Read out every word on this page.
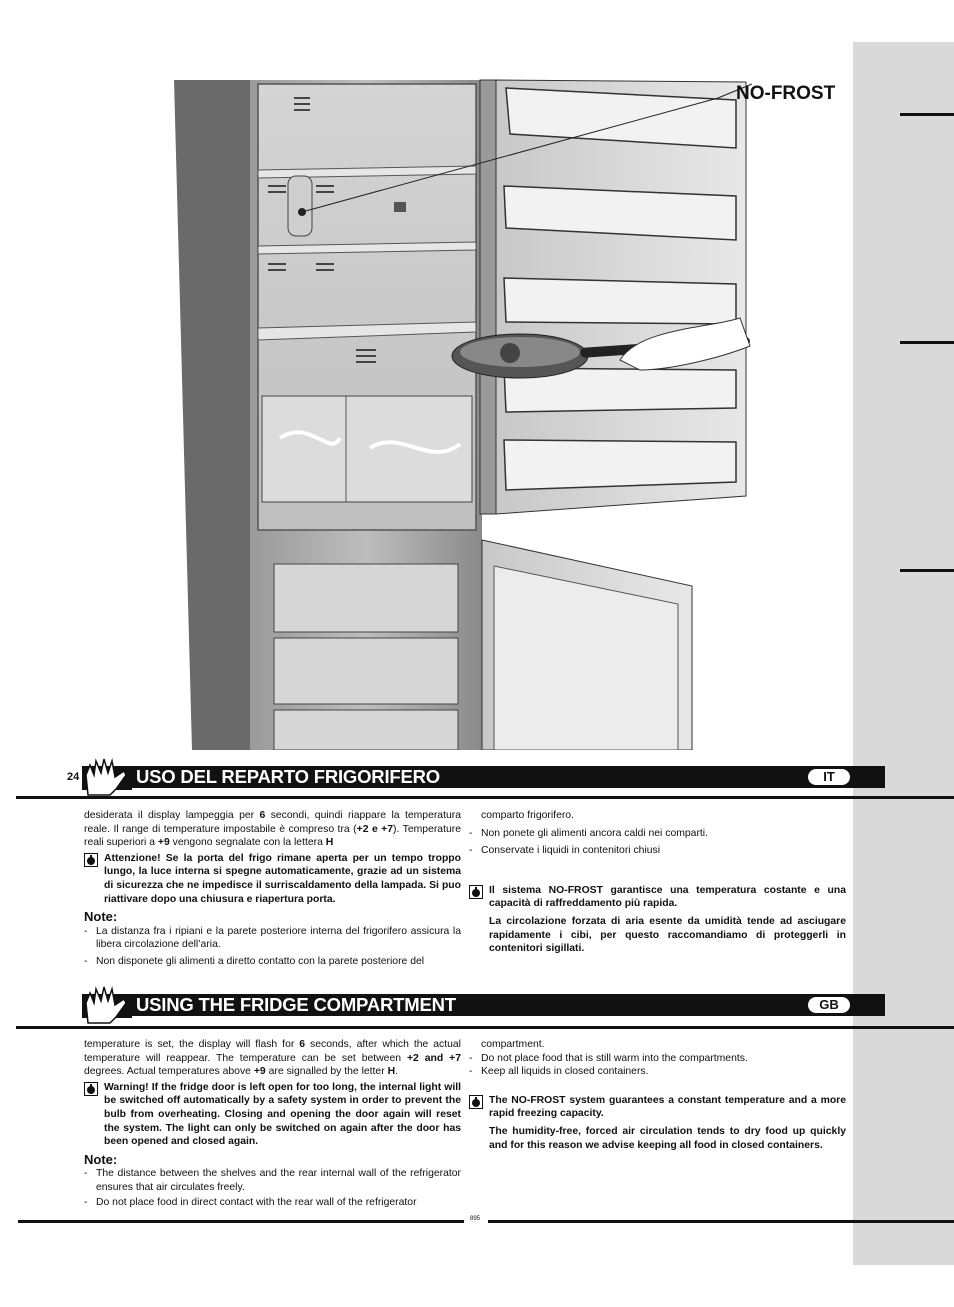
NO-FROST
24	USO DEL REPARTO FRIGORIFERO	IT
desiderata il display lampeggia per 6 secondi, quindi riappare la temperatura reale. Il range di temperature impostabile è compreso tra (+2 e +7). Temperature reali superiori a +9 vengono segnalate con la lettera H
Attenzione! Se la porta del frigo rimane aperta per un tempo troppo lungo, la luce interna si spegne automaticamente, grazie ad un sistema di sicurezza che ne impedisce il surriscaldamento della lampada. Si puo riattivare dopo una chiusura e riapertura porta.
Note:
- La distanza fra i ripiani e la parete posteriore interna del frigorifero assicura la libera circolazione dell’aria.
- Non disponete gli alimenti a diretto contatto con la parete posteriore del
comparto frigorifero.
- Non ponete gli alimenti ancora caldi nei comparti.
- Conservate i liquidi in contenitori chiusi
Il sistema NO-FROST garantisce una temperatura costante e una capacità di raffreddamento più rapida.
La circolazione forzata di aria esente da umidità tende ad asciugare rapidamente i cibi, per questo raccomandiamo di proteggerli in contenitori sigillati.
USING THE FRIDGE COMPARTMENT	GB
temperature is set, the display will flash for 6 seconds, after which the actual temperature will reappear. The temperature can be set between +2 and +7 degrees. Actual temperatures above +9 are signalled by the letter H.
Warning! If the fridge door is left open for too long, the internal light will be switched off automatically by a safety system in order to prevent the bulb from overheating. Closing and opening the door again will reset the system. The light can only be switched on again after the door has been opened and closed again.
Note:
- The distance between the shelves and the rear internal wall of the refrigerator ensures that air circulates freely.
- Do not place food in direct contact with the rear wall of the refrigerator
compartment.
- Do not place food that is still warm into the compartments.
- Keep all liquids in closed containers.
The NO-FROST system guarantees a constant temperature and a more rapid freezing capacity.
The humidity-free, forced air circulation tends to dry food up quickly and for this reason we advise keeping all food in closed containers.
895
